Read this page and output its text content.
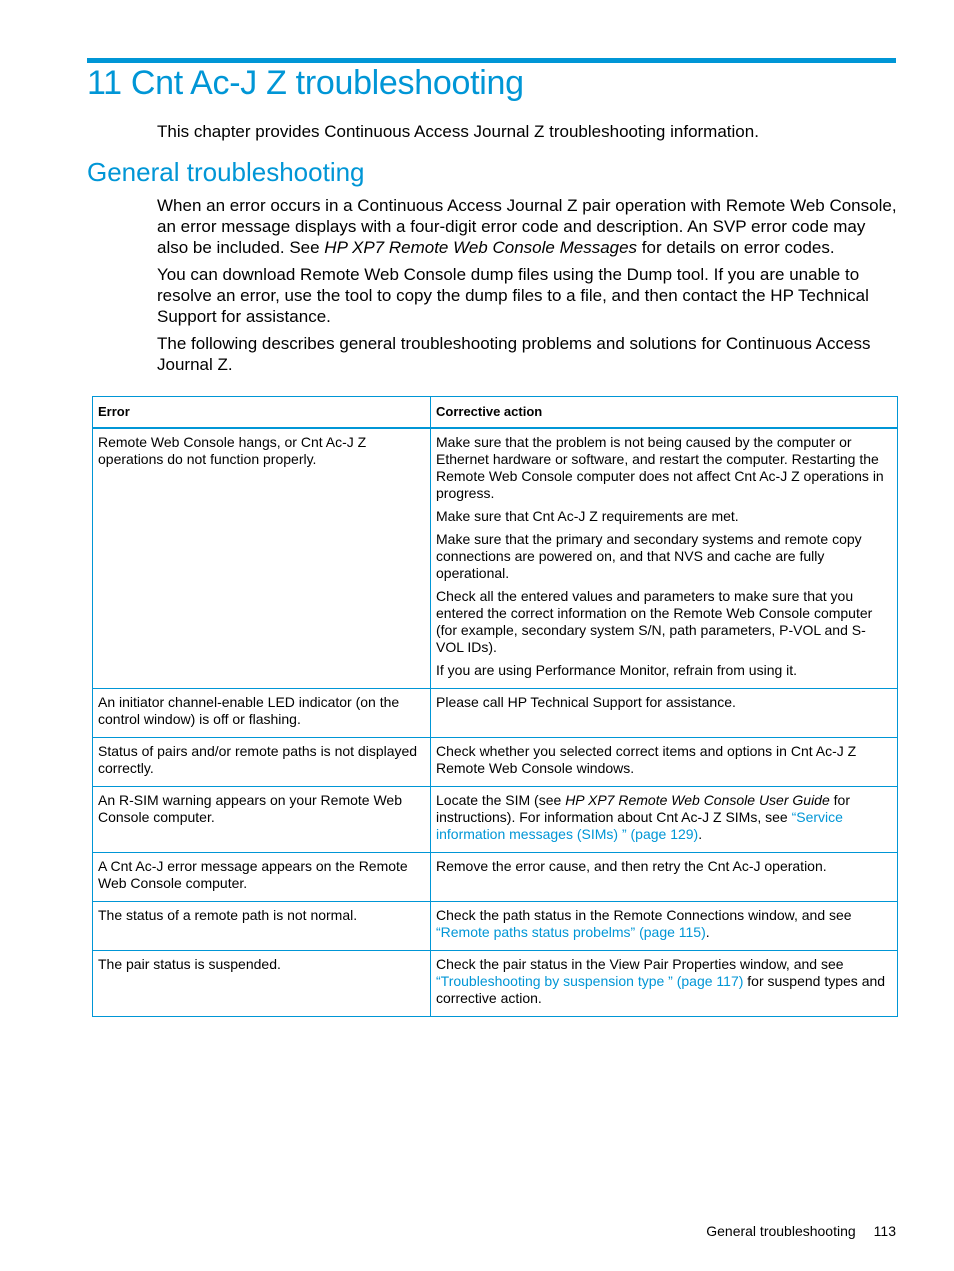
11 Cnt Ac-J Z troubleshooting

This chapter provides Continuous Access Journal Z troubleshooting information.

General troubleshooting

When an error occurs in a Continuous Access Journal Z pair operation with Remote Web Console, an error message displays with a four-digit error code and description. An SVP error code may also be included. See HP XP7 Remote Web Console Messages for details on error codes.

You can download Remote Web Console dump files using the Dump tool. If you are unable to resolve an error, use the tool to copy the dump files to a file, and then contact the HP Technical Support for assistance.

The following describes general troubleshooting problems and solutions for Continuous Access Journal Z.

Error	Corrective action
Remote Web Console hangs, or Cnt Ac-J Z operations do not function properly.	Make sure that the problem is not being caused by the computer or Ethernet hardware or software, and restart the computer. Restarting the Remote Web Console computer does not affect Cnt Ac-J Z operations in progress.

Make sure that Cnt Ac-J Z requirements are met.

Make sure that the primary and secondary systems and remote copy connections are powered on, and that NVS and cache are fully operational.

Check all the entered values and parameters to make sure that you entered the correct information on the Remote Web Console computer (for example, secondary system S/N, path parameters, P-VOL and S-VOL IDs).

If you are using Performance Monitor, refrain from using it.

An initiator channel-enable LED indicator (on the control window) is off or flashing.	Please call HP Technical Support for assistance.
Status of pairs and/or remote paths is not displayed correctly.	Check whether you selected correct items and options in Cnt Ac-J Z Remote Web Console windows.
An R-SIM warning appears on your Remote Web Console computer.	Locate the SIM (see HP XP7 Remote Web Console User Guide for instructions). For information about Cnt Ac-J Z SIMs, see “Service information messages (SIMs) ” (page 129).
A Cnt Ac-J error message appears on the Remote Web Console computer.	Remove the error cause, and then retry the Cnt Ac-J operation.
The status of a remote path is not normal.	Check the path status in the Remote Connections window, and see “Remote paths status probelms” (page 115).
The pair status is suspended.	Check the pair status in the View Pair Properties window, and see “Troubleshooting by suspension type ” (page 117) for suspend types and corrective action.
General troubleshooting 113
